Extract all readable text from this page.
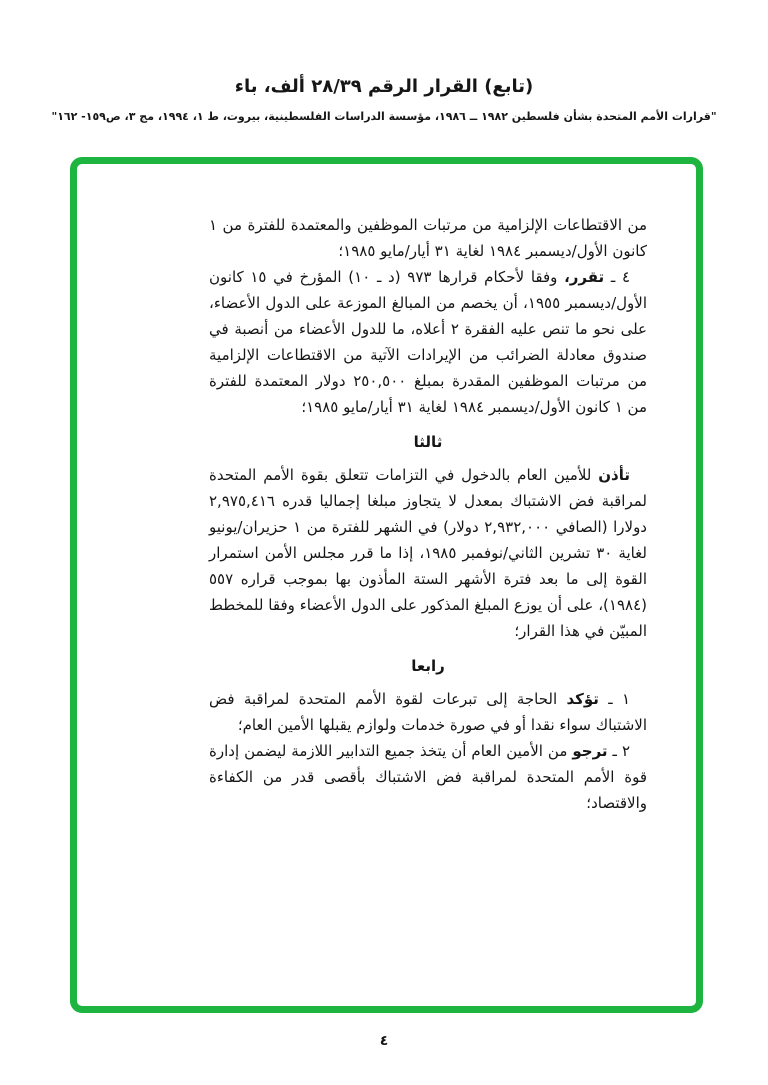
(تابع) القرار الرقم ٢٨/٣٩ ألف، باء
"قرارات الأمم المتحدة بشأن فلسطين ١٩٨٢ ــ ١٩٨٦، مؤسسة الدراسات الفلسطينية، بيروت، ط ١، ١٩٩٤، مج ٣، ص١٥٩- ١٦٢"

من الاقتطاعات الإلزامية من مرتبات الموظفين والمعتمدة للفترة من ١ كانون الأول/ديسمبر ١٩٨٤ لغاية ٣١ أيار/مايو ١٩٨٥؛

٤ ـ تقرر، وفقا لأحكام قرارها ٩٧٣ (د ـ ١٠) المؤرخ في ١٥ كانون الأول/ديسمبر ١٩٥٥، أن يخصم من المبالغ الموزعة على الدول الأعضاء، على نحو ما تنص عليه الفقرة ٢ أعلاه، ما للدول الأعضاء من أنصبة في صندوق معادلة الضرائب من الإيرادات الآتية من الاقتطاعات الإلزامية من مرتبات الموظفين المقدرة بمبلغ ٢٥٠,٥٠٠ دولار المعتمدة للفترة من ١ كانون الأول/ديسمبر ١٩٨٤ لغاية ٣١ أيار/مايو ١٩٨٥؛

ثالثا

تأذن للأمين العام بالدخول في التزامات تتعلق بقوة الأمم المتحدة لمراقبة فض الاشتباك بمعدل لا يتجاوز مبلغا إجماليا قدره ٢,٩٧٥,٤١٦ دولارا (الصافي ٢,٩٣٢,٠٠٠ دولار) في الشهر للفترة من ١ حزيران/يونيو لغاية ٣٠ تشرين الثاني/نوفمبر ١٩٨٥، إذا ما قرر مجلس الأمن استمرار القوة إلى ما بعد فترة الأشهر الستة المأذون بها بموجب قراره ٥٥٧ (١٩٨٤)، على أن يوزع المبلغ المذكور على الدول الأعضاء وفقا للمخطط المبيّن في هذا القرار؛

رابعا

١ ـ تؤكد الحاجة إلى تبرعات لقوة الأمم المتحدة لمراقبة فض الاشتباك سواء نقدا أو في صورة خدمات ولوازم يقبلها الأمين العام؛

٢ ـ ترجو من الأمين العام أن يتخذ جميع التدابير اللازمة ليضمن إدارة قوة الأمم المتحدة لمراقبة فض الاشتباك بأقصى قدر من الكفاءة والاقتصاد؛

٤
